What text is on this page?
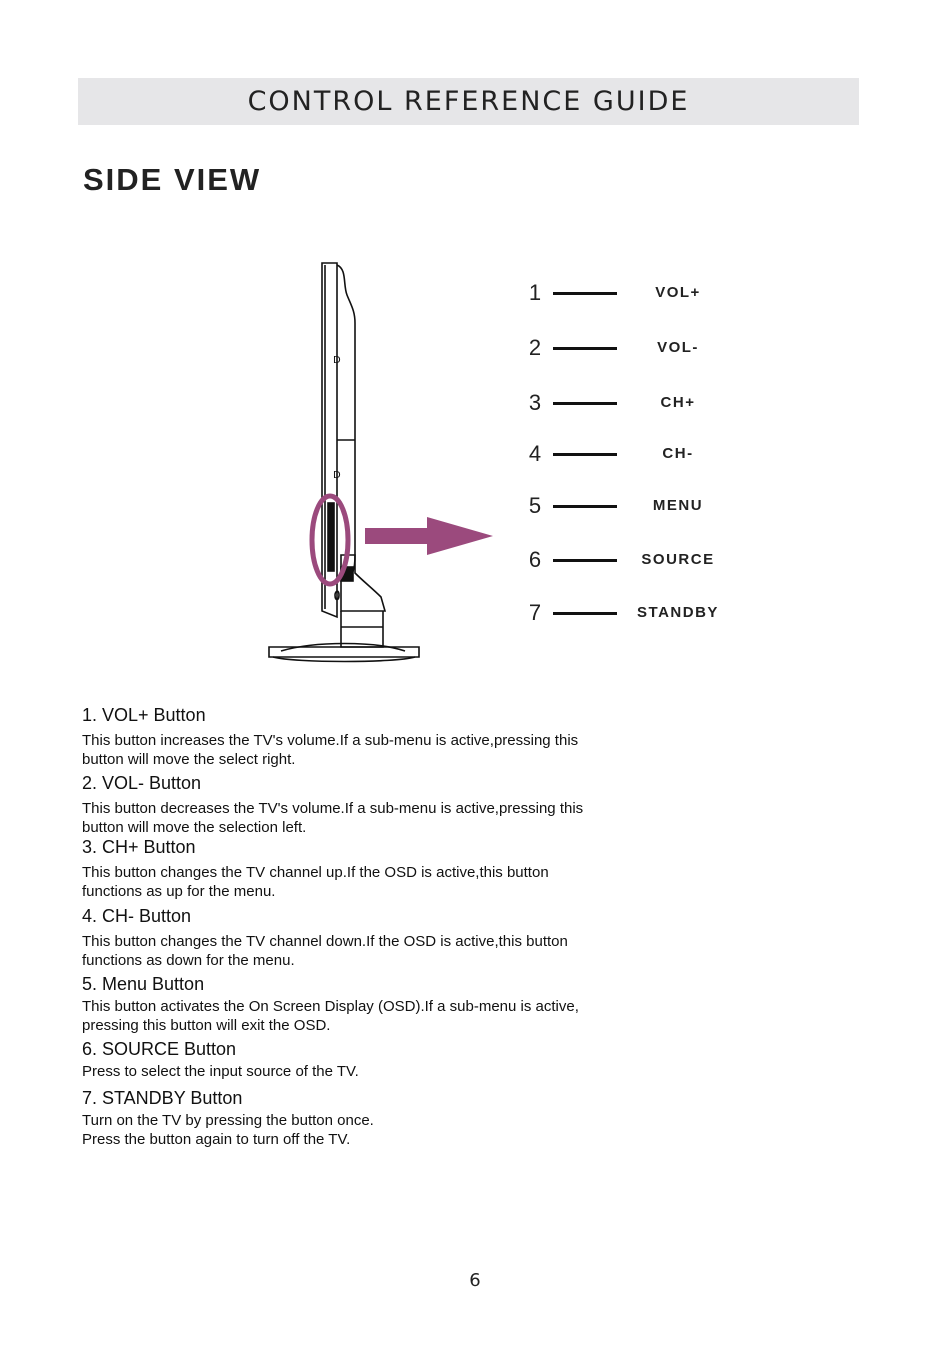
CONTROL REFERENCE GUIDE
SIDE VIEW
D
D
1	VOL+
2	VOL-
3	CH+
4	CH-
5	MENU
6	SOURCE
7	STANDBY
1. VOL+ Button
This button increases the TV's volume.If a sub-menu is active,pressing this
button will move the select right.
2. VOL- Button
This button decreases the TV's volume.If a sub-menu is active,pressing this
button will move the selection left.
3. CH+ Button
This button changes the TV channel up.If the OSD is active,this button
functions as up for the menu.
4. CH- Button
This button changes the TV channel down.If the OSD is active,this button
functions as down for the menu.
5. Menu Button
This button activates the On Screen Display (OSD).If a sub-menu is active,
pressing this button will exit the OSD.
6. SOURCE Button
Press to select the input source of the TV.
7. STANDBY Button
Turn on the TV by pressing the button once.
Press the button again to turn off the TV.
6
